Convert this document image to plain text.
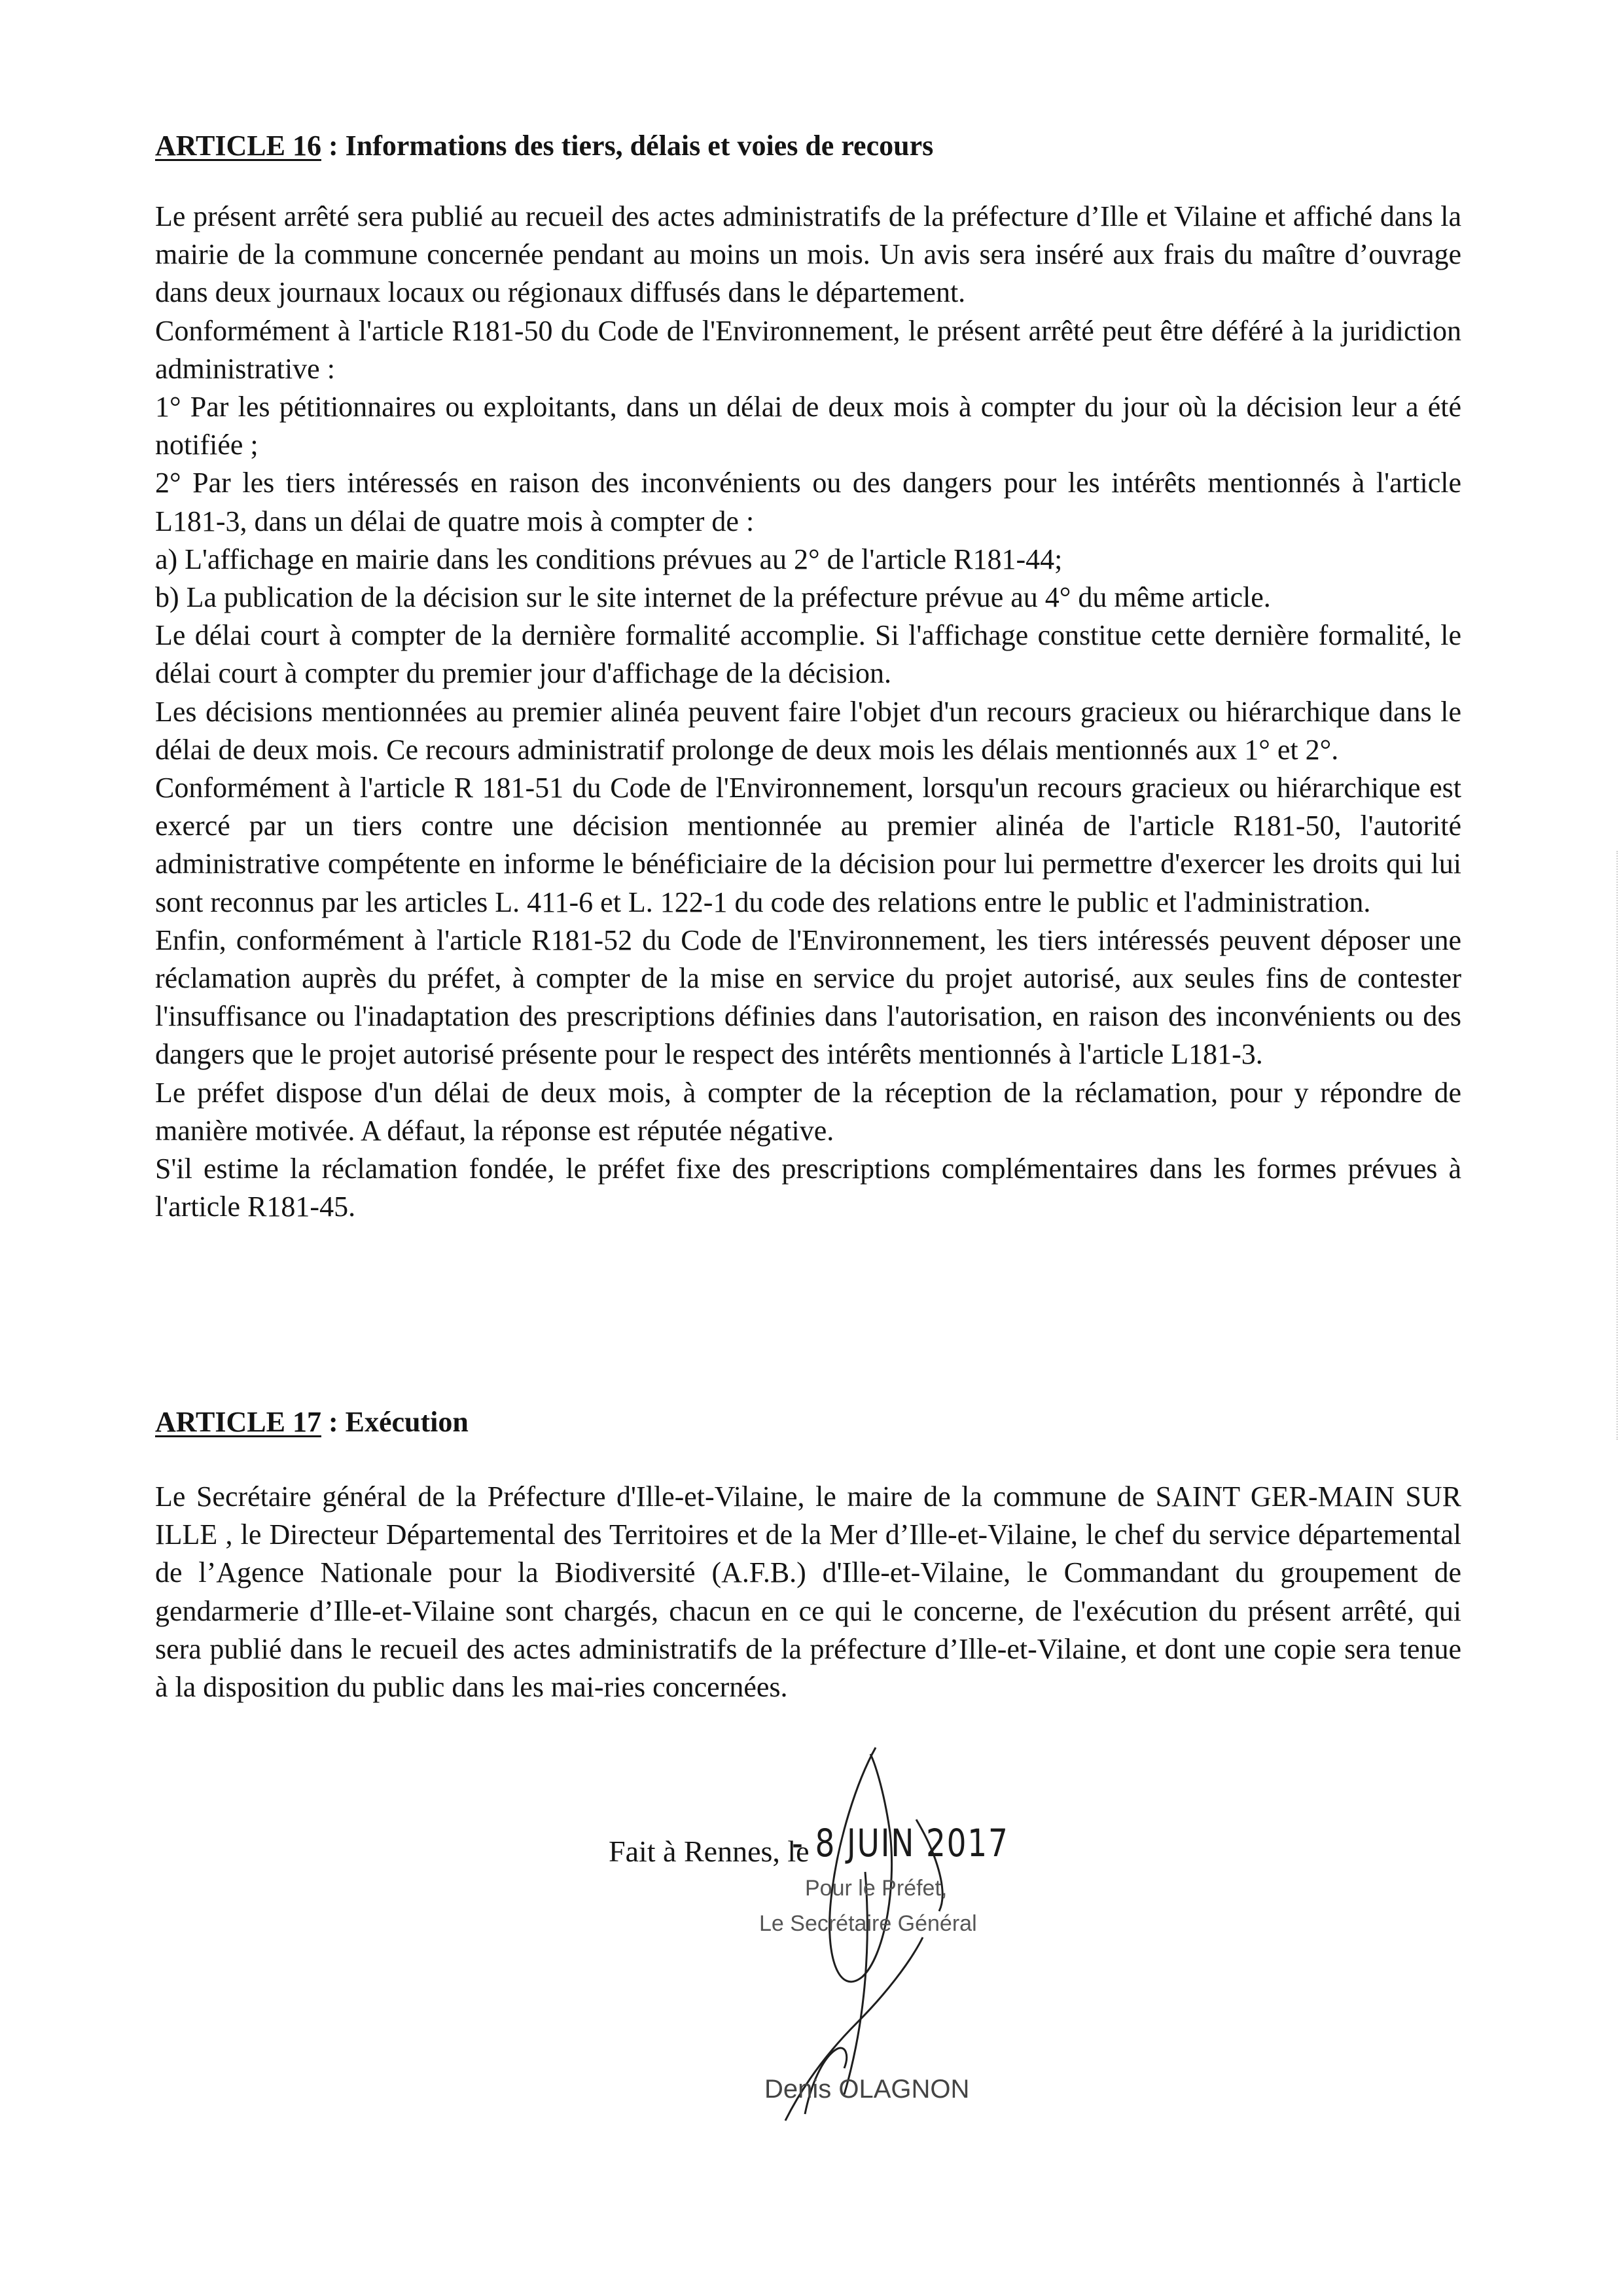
ARTICLE 16 : Informations des tiers, délais et voies de recours

Le présent arrêté sera publié au recueil des actes administratifs de la préfecture d’Ille et Vilaine et affiché dans la mairie de la commune concernée pendant au moins un mois. Un avis sera inséré aux frais du maître d’ouvrage dans deux journaux locaux ou régionaux diffusés dans le département.

Conformément à l'article R181-50 du Code de l'Environnement, le présent arrêté peut être déféré à la juridiction administrative :

1° Par les pétitionnaires ou exploitants, dans un délai de deux mois à compter du jour où la décision leur a été notifiée ;

2° Par les tiers intéressés en raison des inconvénients ou des dangers pour les intérêts mentionnés à l'article L181-3, dans un délai de quatre mois à compter de :

a) L'affichage en mairie dans les conditions prévues au 2° de l'article R181-44;

b) La publication de la décision sur le site internet de la préfecture prévue au 4° du même article.

Le délai court à compter de la dernière formalité accomplie. Si l'affichage constitue cette dernière formalité, le délai court à compter du premier jour d'affichage de la décision.

Les décisions mentionnées au premier alinéa peuvent faire l'objet d'un recours gracieux ou hiérarchique dans le délai de deux mois. Ce recours administratif prolonge de deux mois les délais mentionnés aux 1° et 2°.

Conformément à l'article R 181-51 du Code de l'Environnement, lorsqu'un recours gracieux ou hiérarchique est exercé par un tiers contre une décision mentionnée au premier alinéa de l'article R181-50, l'autorité administrative compétente en informe le bénéficiaire de la décision pour lui permettre d'exercer les droits qui lui sont reconnus par les articles L. 411-6 et L. 122-1 du code des relations entre le public et l'administration.

Enfin, conformément à l'article R181-52 du Code de l'Environnement, les tiers intéressés peuvent déposer une réclamation auprès du préfet, à compter de la mise en service du projet autorisé, aux seules fins de contester l'insuffisance ou l'inadaptation des prescriptions définies dans l'autorisation, en raison des inconvénients ou des dangers que le projet autorisé présente pour le respect des intérêts mentionnés à l'article L181-3.

Le préfet dispose d'un délai de deux mois, à compter de la réception de la réclamation, pour y répondre de manière motivée. A défaut, la réponse est réputée négative.

S'il estime la réclamation fondée, le préfet fixe des prescriptions complémentaires dans les formes prévues à l'article R181-45.

ARTICLE 17 : Exécution

Le Secrétaire général de la Préfecture d'Ille-et-Vilaine, le maire de la commune de SAINT GER-MAIN SUR ILLE , le Directeur Départemental des Territoires et de la Mer d’Ille-et-Vilaine, le chef du service départemental de l’Agence Nationale pour la Biodiversité (A.F.B.) d'Ille-et-Vilaine, le Commandant du groupement de gendarmerie d’Ille-et-Vilaine sont chargés, chacun en ce qui le concerne, de l'exécution du présent arrêté, qui sera publié dans le recueil des actes administratifs de la préfecture d’Ille-et-Vilaine, et dont une copie sera tenue à la disposition du public dans les mai-ries concernées.

Fait à Rennes, le
- 8 JUIN 2017
Pour le Préfet,
Le Secrétaire Général
Denis OLAGNON
